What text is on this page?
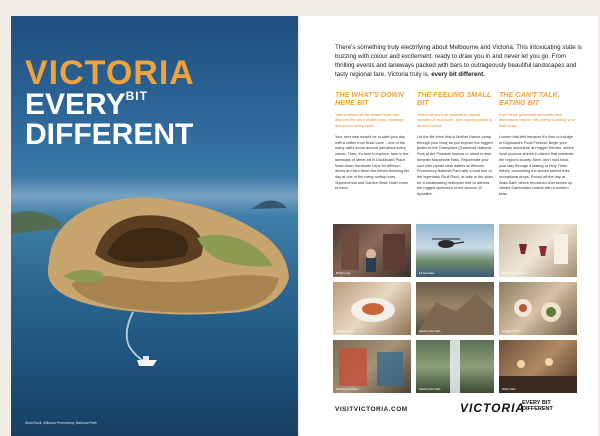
VICTORIA
$EVERY^{BIT}$
DIFFERENT
Skull Rock, Wilsons Promontory National Park

There's something truly electrifying about Melbourne and Victoria. This intoxicating state is buzzing with colour and excitement, ready to draw you in and never let you go. From thrilling events and laneways packed with bars to outrageously beautiful landscapes and tasty regional fare, Victoria truly is, every bit different.

THE WHAT'S DOWN HERE BIT

Take a detour off the beaten track and discover the city's hidden bars, laneways and secret dining spots.

Your next step should be to start your day with a coffee from Brick Lane – one of the many cafés found around just about every corner. Then, it's time to explore, take in the laneways of street art in Duckboard Place, head down Hardware Lane for alfresco drinks at Kirk's Wine Bar before finishing the day at one of the many rooftop bars, Supernormal and Garden State Hotel come to mind.

THE FEELING SMALL BIT

Switch off and lose yourself in natural wonders of epic scale, from soaring peaks to ancient forests.

Let the life force that is Mother Nature pump through your body as you explore the rugged peaks of the Grampians (Gariwerd) National Park at the Pinnacle lookout or stand in awe beneath Mackenzie Falls. Rejuvenate your soul with crystal clear waters at Wilsons Promontory National Park with a boat tour of the legendary Skull Rock, or take to the skies for a breathtaking helicopter ride to witness the rugged splendour of the famous 12 Apostles.

THE CAN'T TALK, EATING BIT

Food fiend, gourmand and cellar-door aficionados rejoice, with plenty to satisfy your taste buds.

Loosen that belt because it's time to indulge in Gippsland's Food Festival. Begin your culinary adventure at Hogget Kitchen, where local produce shines in dishes that celebrate the region's bounty. Next, don't hold back, your way through a tasting at Dirty Three Wines, uncovering the stories behind their exceptional drops. Round off the day at Wabi-Sabi, where renowned chef serves up vibrant Cambodian cuisine with a modern twist.

Brick Lane	12 Apostles	Dirty Three Wines
Supernormal	Mackenzie Falls	Hogget Kitchen
Duckboard Place	Mackenzie Falls	Wabi-Sabi
VISITVICTORIA.COM	VICTORIA
EVERY BIT
DIFFERENT
